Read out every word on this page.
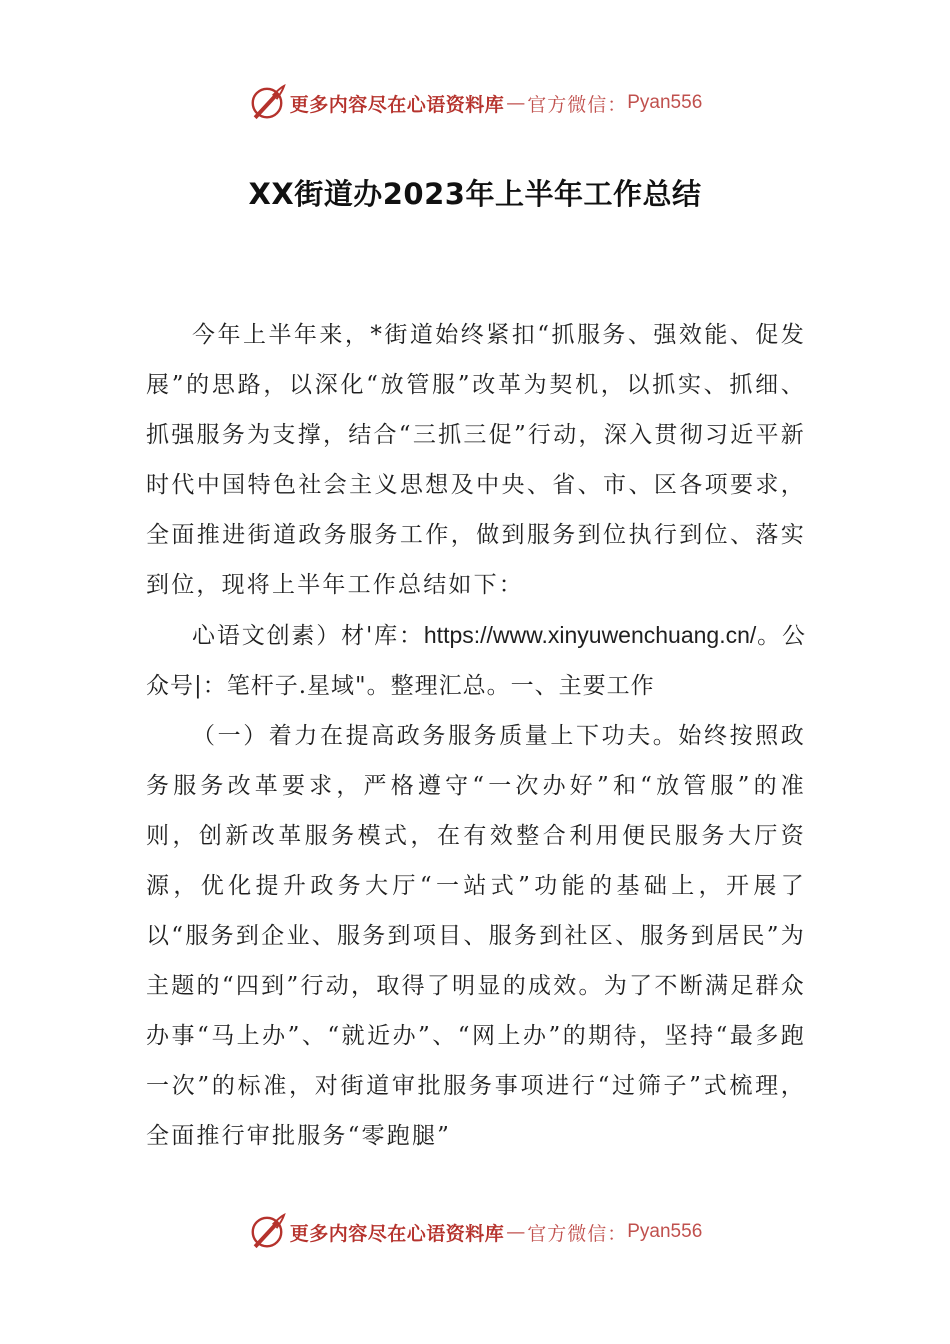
更多内容尽在心语资料库 — 官方微信： Pyan556
XX街道办2023年上半年工作总结

今年上半年来，*街道始终紧扣“抓服务、强效能、促发展”的思路，以深化“放管服”改革为契机，以抓实、抓细、抓强服务为支撑，结合“三抓三促”行动，深入贯彻习近平新时代中国特色社会主义思想及中央、省、市、区各项要求，全面推进街道政务服务工作，做到服务到位执行到位、落实到位，现将上半年工作总结如下：

心语文创素）材'库：https://www.xinyuwenchuang.cn/。公众号|：笔杆子.星域"。整理汇总。一、主要工作

（一）着力在提高政务服务质量上下功夫。始终按照政务服务改革要求，严格遵守“一次办好”和“放管服”的准则，创新改革服务模式，在有效整合利用便民服务大厅资源，优化提升政务大厅“一站式”功能的基础上，开展了以“服务到企业、服务到项目、服务到社区、服务到居民”为主题的“四到”行动，取得了明显的成效。为了不断满足群众办事“马上办”、“就近办”、“网上办”的期待，坚持“最多跑一次”的标准，对街道审批服务事项进行“过筛子”式梳理，全面推行审批服务“零跑腿”

更多内容尽在心语资料库 — 官方微信： Pyan556
